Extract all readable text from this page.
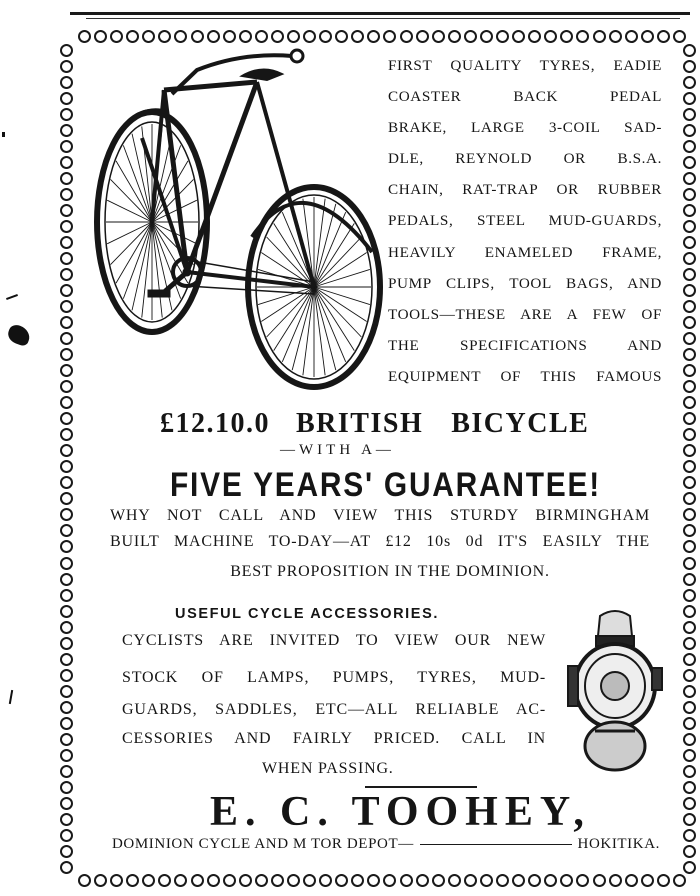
FIRST QUALITY TYRES, EADIE
COASTER BACK PEDAL
BRAKE, LARGE 3-COIL SAD-
DLE, REYNOLD OR B.S.A.
CHAIN, RAT-TRAP OR RUBBER
PEDALS, STEEL MUD-GUARDS,
HEAVILY ENAMELED FRAME,
PUMP CLIPS, TOOL BAGS, AND
TOOLS—THESE ARE A FEW OF
THE SPECIFICATIONS AND
EQUIPMENT OF THIS FAMOUS
£12.10.0 BRITISH BICYCLE
—WITH A—
FIVE YEARS' GUARANTEE!
WHY NOT CALL AND VIEW THIS STURDY BIRMINGHAM
BUILT MACHINE TO-DAY—AT £12 10s 0d IT'S EASILY THE
BEST PROPOSITION IN THE DOMINION.
USEFUL CYCLE ACCESSORIES.
CYCLISTS ARE INVITED TO VIEW OUR NEW
STOCK OF LAMPS, PUMPS, TYRES, MUD-
GUARDS, SADDLES, ETC—ALL RELIABLE AC-
CESSORIES AND FAIRLY PRICED. CALL IN
WHEN PASSING.
E. C. TOOHEY,
DOMINION CYCLE AND M TOR DEPOT—	HOKITIKA.
